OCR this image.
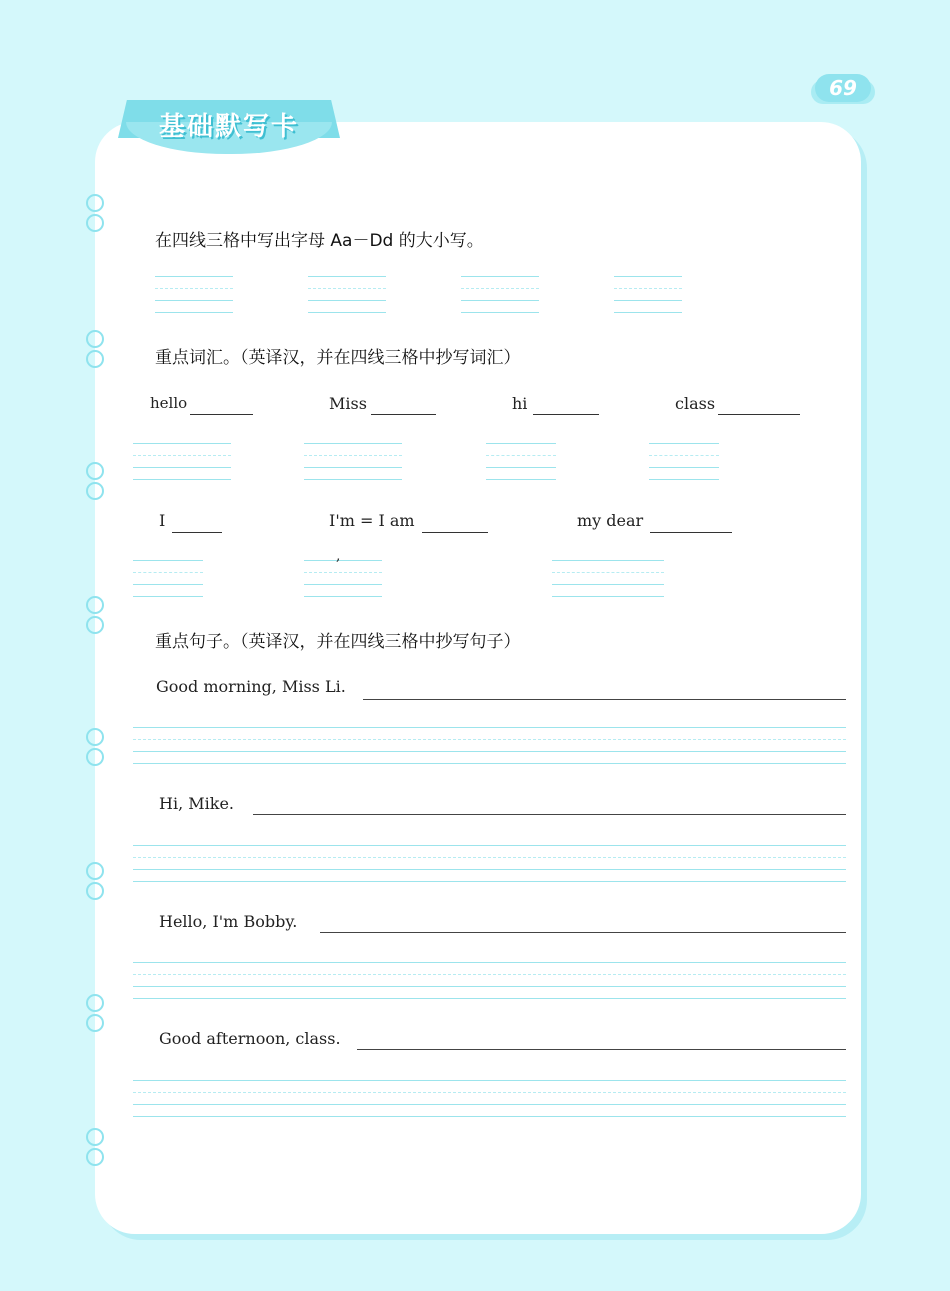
69
基础默写卡
在四线三格中写出字母 Aa－Dd 的大小写。
重点词汇。（英译汉，并在四线三格中抄写词汇）
hello	Miss	hi	class
I	I'm = I am	my dear
,
重点句子。（英译汉，并在四线三格中抄写句子）
Good morning, Miss Li.
Hi, Mike.
Hello, I'm Bobby.
Good afternoon, class.
